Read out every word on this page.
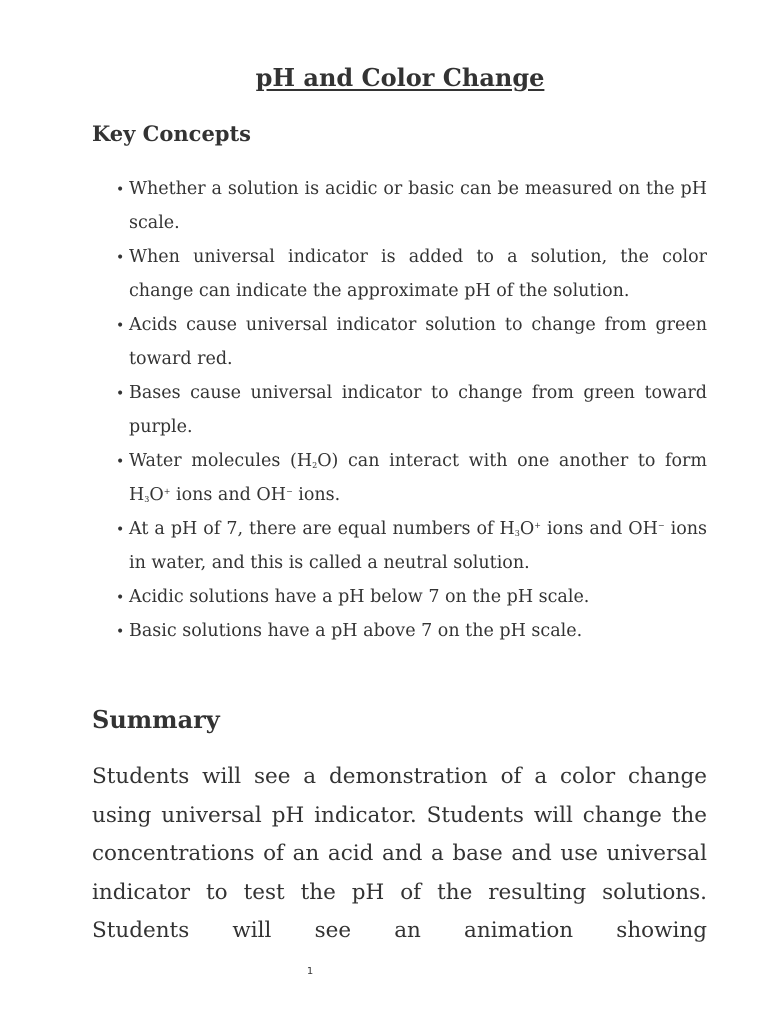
pH and Color Change
Key Concepts
• Whether a solution is acidic or basic can be measured on the pH scale.
• When universal indicator is added to a solution, the color change can indicate the approximate pH of the solution.
• Acids cause universal indicator solution to change from green toward red.
• Bases cause universal indicator to change from green toward purple.
• Water molecules $(H_2O)$ can interact with one another to form $H_3O^+$ ions and OH− ions.
• At a pH of 7, there are equal numbers of $H_3O^+$ ions and OH− ions in water, and this is called a neutral solution.
• Acidic solutions have a pH below 7 on the pH scale.
• Basic solutions have a pH above 7 on the pH scale.
Summary

Students will see a demonstration of a color change using universal pH indicator. Students will change the concentrations of an acid and a base and use universal indicator to test the pH of the resulting solutions. Students will see an animation showing

1
